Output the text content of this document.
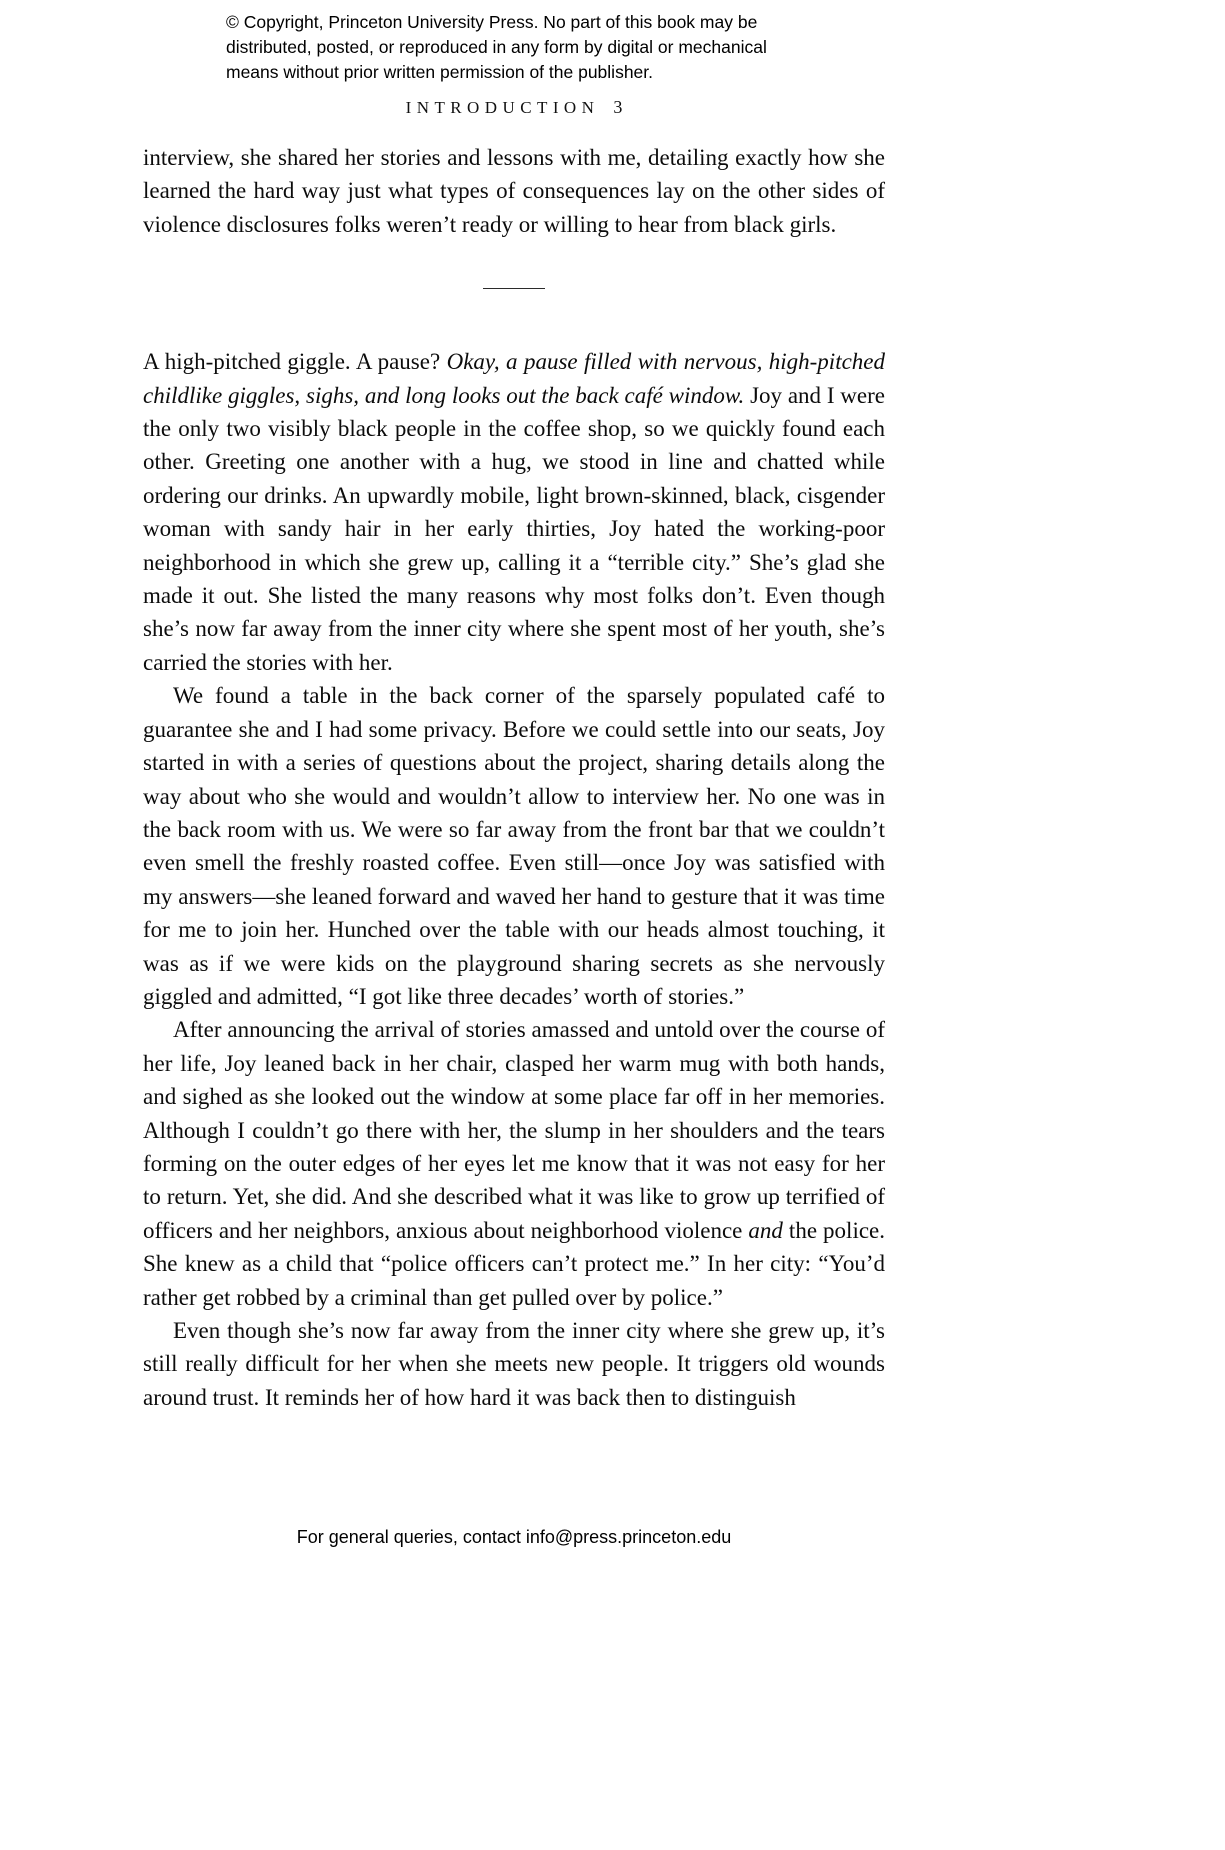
© Copyright, Princeton University Press. No part of this book may be
distributed, posted, or reproduced in any form by digital or mechanical
means without prior written permission of the publisher.
INTRODUCTION 3

interview, she shared her stories and lessons with me, detailing exactly how she learned the hard way just what types of consequences lay on the other sides of violence disclosures folks weren’t ready or willing to hear from black girls.

A high-pitched giggle. A pause? Okay, a pause filled with nervous, high-pitched childlike giggles, sighs, and long looks out the back café window. Joy and I were the only two visibly black people in the coffee shop, so we quickly found each other. Greeting one another with a hug, we stood in line and chatted while ordering our drinks. An upwardly mobile, light brown-skinned, black, cisgender woman with sandy hair in her early thirties, Joy hated the working-poor neighborhood in which she grew up, calling it a “terrible city.” She’s glad she made it out. She listed the many reasons why most folks don’t. Even though she’s now far away from the inner city where she spent most of her youth, she’s carried the stories with her.

We found a table in the back corner of the sparsely populated café to guarantee she and I had some privacy. Before we could settle into our seats, Joy started in with a series of questions about the project, sharing details along the way about who she would and wouldn’t allow to interview her. No one was in the back room with us. We were so far away from the front bar that we couldn’t even smell the freshly roasted coffee. Even still—once Joy was satisfied with my answers—she leaned forward and waved her hand to gesture that it was time for me to join her. Hunched over the table with our heads almost touching, it was as if we were kids on the playground sharing secrets as she nervously giggled and admitted, “I got like three decades’ worth of stories.”

After announcing the arrival of stories amassed and untold over the course of her life, Joy leaned back in her chair, clasped her warm mug with both hands, and sighed as she looked out the window at some place far off in her memories. Although I couldn’t go there with her, the slump in her shoulders and the tears forming on the outer edges of her eyes let me know that it was not easy for her to return. Yet, she did. And she described what it was like to grow up terrified of officers and her neighbors, anxious about neighborhood violence and the police. She knew as a child that “police officers can’t protect me.” In her city: “You’d rather get robbed by a criminal than get pulled over by police.”

Even though she’s now far away from the inner city where she grew up, it’s still really difficult for her when she meets new people. It triggers old wounds around trust. It reminds her of how hard it was back then to distinguish

For general queries, contact info@press.princeton.edu
